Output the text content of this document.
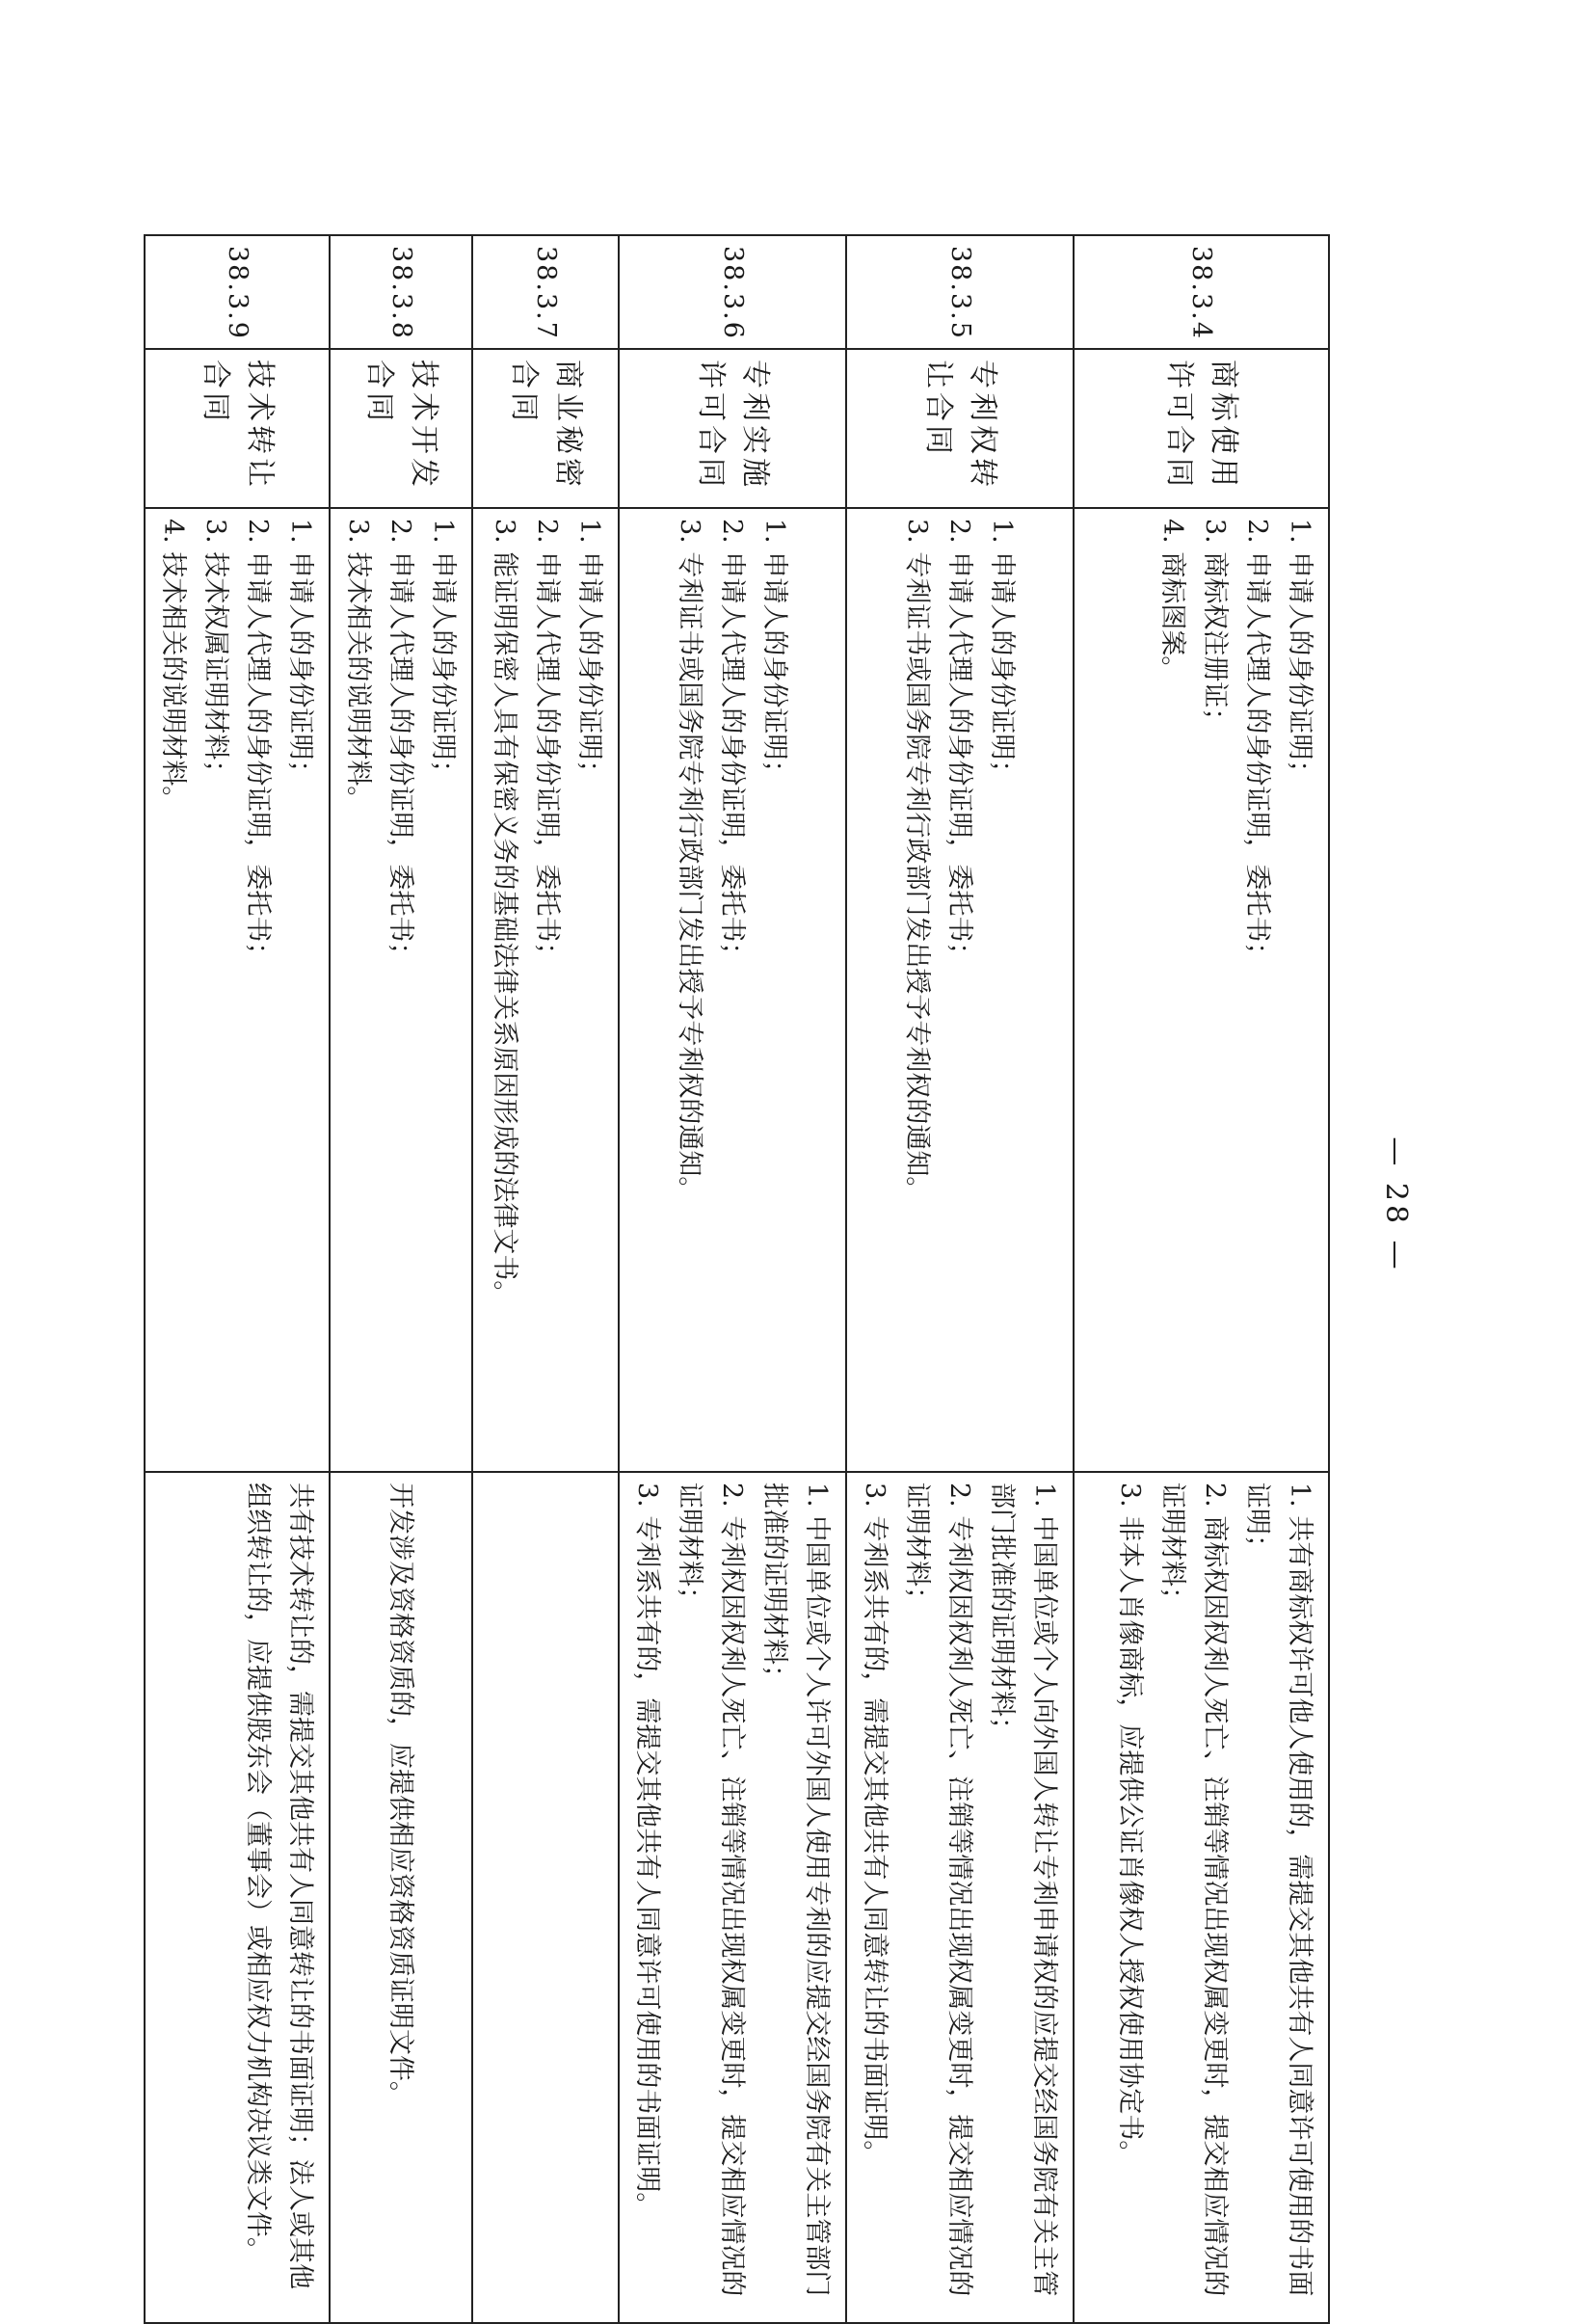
38.3.4	商标使用许可合同	1. 申请人的身份证明；
2. 申请人代理人的身份证明，委托书；
3. 商标权注册证；
4. 商标图案。	1. 共有商标权许可他人使用的，需提交其他共有人同意许可使用的书面证明；
2. 商标权因权利人死亡、注销等情况出现权属变更时，提交相应情况的证明材料；
3. 非本人肖像商标，应提供公证肖像权人授权使用协定书。

38.3.5	专利权转让合同	1. 申请人的身份证明；
2. 申请人代理人的身份证明，委托书；
3. 专利证书或国务院专利行政部门发出授予专利权的通知。	1. 中国单位或个人向外国人转让专利申请权的应提交经国务院有关主管部门批准的证明材料；
2. 专利权因权利人死亡、注销等情况出现权属变更时，提交相应情况的证明材料；
3. 专利系共有的，需提交其他共有人同意转让的书面证明。

38.3.6	专利实施许可合同	1. 申请人的身份证明；
2. 申请人代理人的身份证明，委托书；
3. 专利证书或国务院专利行政部门发出授予专利权的通知。	1. 中国单位或个人许可外国人使用专利的应提交经国务院有关主管部门批准的证明材料；
2. 专利权因权利人死亡、注销等情况出现权属变更时，提交相应情况的证明材料；
3. 专利系共有的，需提交其他共有人同意许可使用的书面证明。

38.3.7	商业秘密合同	1. 申请人的身份证明；
2. 申请人代理人的身份证明，委托书；
3. 能证明保密人具有保密义务的基础法律关系原因形成的法律文书。	

38.3.8	技术开发合同	1. 申请人的身份证明；
2. 申请人代理人的身份证明，委托书；
3. 技术相关的说明材料。	开发涉及资格资质的，应提供相应资格资质证明文件。

38.3.9	技术转让合同	1. 申请人的身份证明；
2. 申请人代理人的身份证明，委托书；
3. 技术权属证明材料；
4. 技术相关的说明材料。	共有技术转让的，需提交其他共有人同意转让的书面证明；法人或其他组织转让的，应提供股东会（董事会）或相应权力机构决议类文件。
— 28 —
